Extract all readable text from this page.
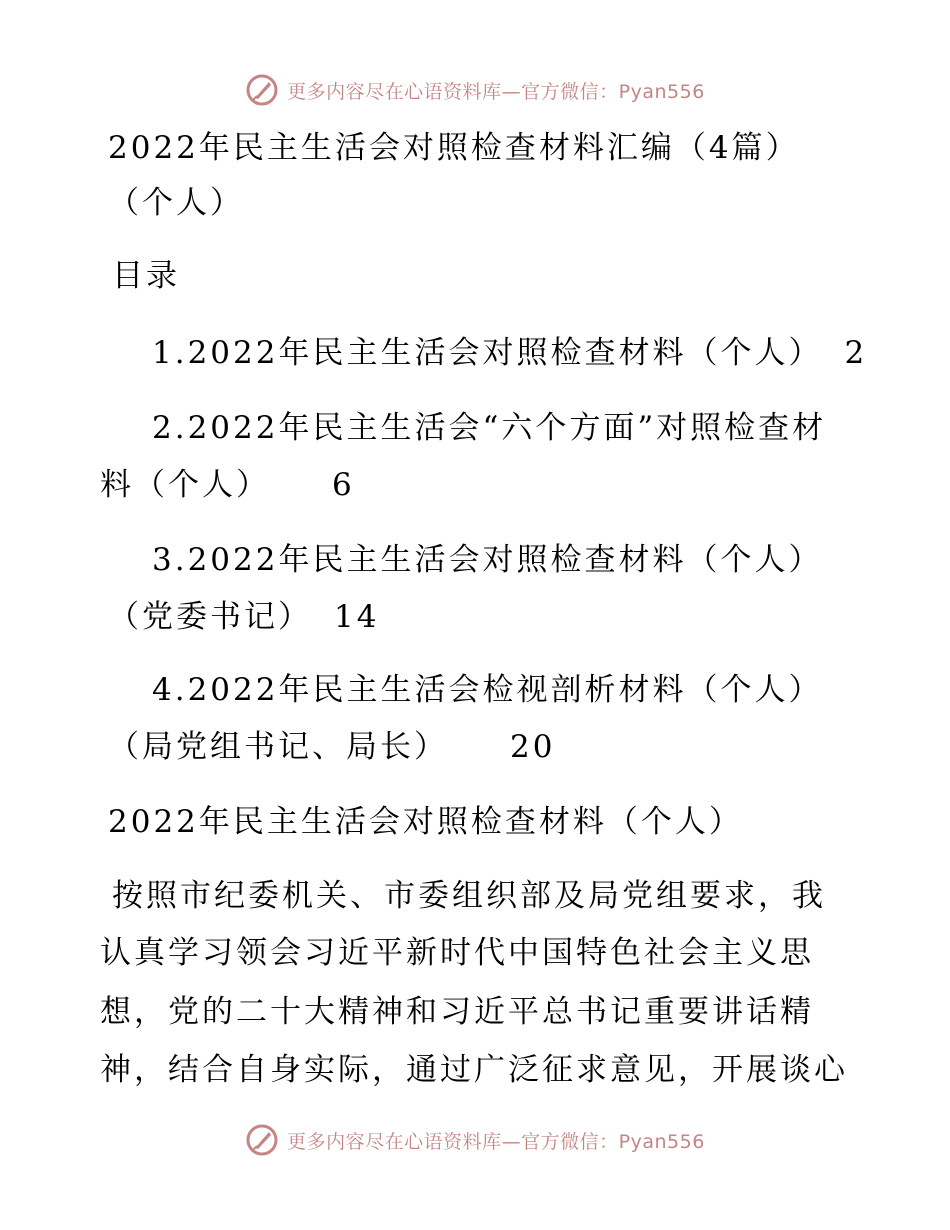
更多内容尽在心语资料库—官方微信：Pyan556
2022年民主生活会对照检查材料汇编（4篇）
（个人）
目录
1.2022年民主生活会对照检查材料（个人） 2
2.2022年民主生活会“六个方面”对照检查材
料（个人） 6
3.2022年民主生活会对照检查材料（个人）
（党委书记） 14
4.2022年民主生活会检视剖析材料（个人）
（局党组书记、局长） 20
2022年民主生活会对照检查材料（个人）
按照市纪委机关、市委组织部及局党组要求，我
认真学习领会习近平新时代中国特色社会主义思
想，党的二十大精神和习近平总书记重要讲话精
神，结合自身实际，通过广泛征求意见，开展谈心
更多内容尽在心语资料库—官方微信：Pyan556
